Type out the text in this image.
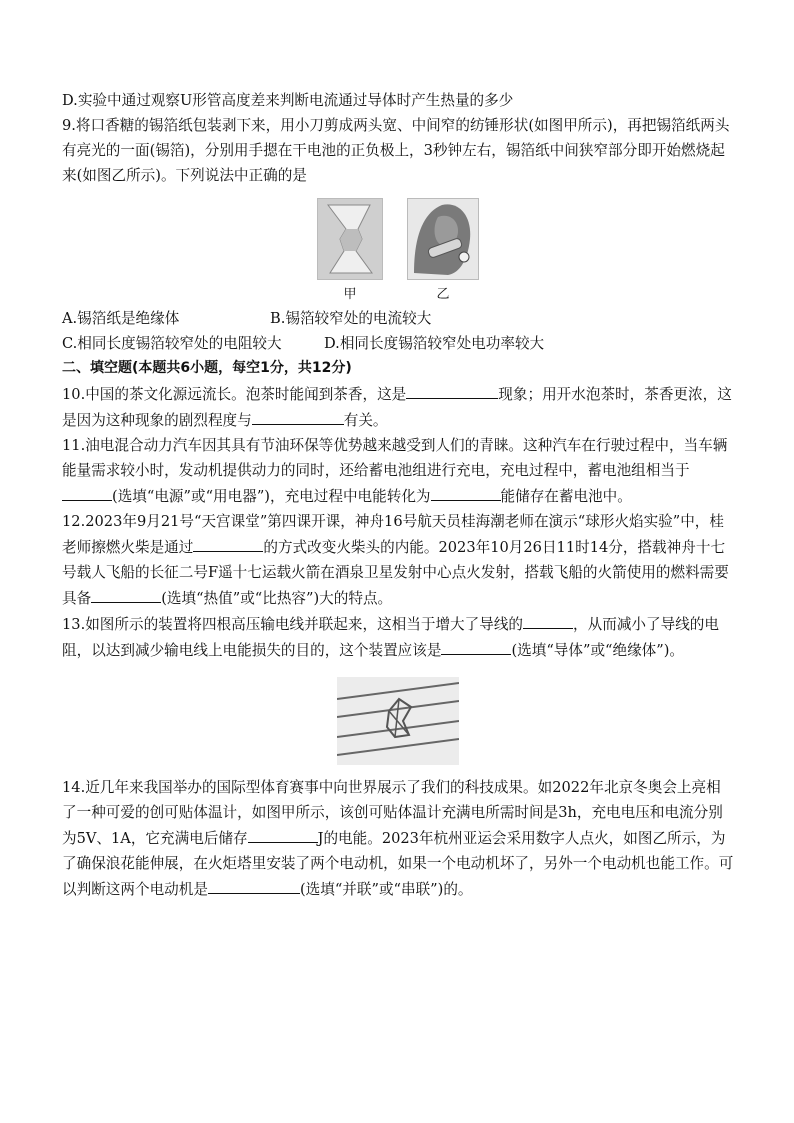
D.实验中通过观察U形管高度差来判断电流通过导体时产生热量的多少

9.将口香糖的锡箔纸包装剥下来，用小刀剪成两头宽、中间窄的纺锤形状(如图甲所示)，再把锡箔纸两头有亮光的一面(锡箔)，分别用手摁在干电池的正负极上，3秒钟左右，锡箔纸中间狭窄部分即开始燃烧起来(如图乙所示)。下列说法中正确的是

甲	乙
A.锡箔纸是绝缘体	B.锡箔较窄处的电流较大
C.相同长度锡箔较窄处的电阻较大	D.相同长度锡箔较窄处电功率较大

二、填空题(本题共6小题，每空1分，共12分)

10.中国的茶文化源远流长。泡茶时能闻到茶香，这是	现象；用开水泡茶时，茶香更浓，这是因为这种现象的剧烈程度与	有关。

11.油电混合动力汽车因其具有节油环保等优势越来越受到人们的青睐。这种汽车在行驶过程中，当车辆能量需求较小时，发动机提供动力的同时，还给蓄电池组进行充电，充电过程中，蓄电池组相当于(选填“电源”或“用电器”)，充电过程中电能转化为	能储存在蓄电池中。

12.2023年9月21号“天宫课堂”第四课开课，神舟16号航天员桂海潮老师在演示“球形火焰实验”中，桂老师擦燃火柴是通过	的方式改变火柴头的内能。2023年10月26日11时14分，搭载神舟十七号载人飞船的长征二号F遥十七运载火箭在酒泉卫星发射中心点火发射，搭载飞船的火箭使用的燃料需要具备	(选填“热值”或“比热容”)大的特点。

13.如图所示的装置将四根高压输电线并联起来，这相当于增大了导线的	，从而减小了导线的电阻，以达到减少输电线上电能损失的目的，这个装置应该是	(选填“导体”或“绝缘体”)。

14.近几年来我国举办的国际型体育赛事中向世界展示了我们的科技成果。如2022年北京冬奥会上亮相了一种可爱的创可贴体温计，如图甲所示，该创可贴体温计充满电所需时间是3h，充电电压和电流分别为5V、1A，它充满电后储存	J的电能。2023年杭州亚运会采用数字人点火，如图乙所示，为了确保浪花能伸展，在火炬塔里安装了两个电动机，如果一个电动机坏了，另外一个电动机也能工作。可以判断这两个电动机是	(选填“并联”或“串联”)的。
